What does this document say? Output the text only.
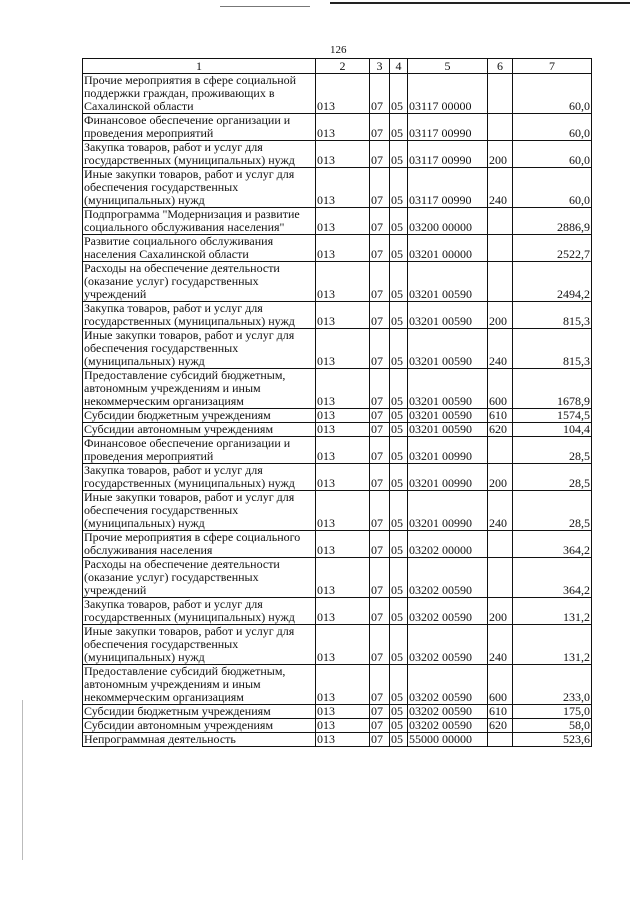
126
1	2	3	4	5	6	7
Прочие мероприятия в сфере социальной поддержки граждан, проживающих в Сахалинской области	013	07	05	03117 00000		60,0
Финансовое обеспечение организации и проведения мероприятий	013	07	05	03117 00990		60,0
Закупка товаров, работ и услуг для государственных (муниципальных) нужд	013	07	05	03117 00990	200	60,0
Иные закупки товаров, работ и услуг для обеспечения государственных (муниципальных) нужд	013	07	05	03117 00990	240	60,0
Подпрограмма "Модернизация и развитие социального обслуживания населения"	013	07	05	03200 00000		2886,9
Развитие социального обслуживания населения Сахалинской области	013	07	05	03201 00000		2522,7
Расходы на обеспечение деятельности (оказание услуг) государственных учреждений	013	07	05	03201 00590		2494,2
Закупка товаров, работ и услуг для государственных (муниципальных) нужд	013	07	05	03201 00590	200	815,3
Иные закупки товаров, работ и услуг для обеспечения государственных (муниципальных) нужд	013	07	05	03201 00590	240	815,3
Предоставление субсидий бюджетным, автономным учреждениям и иным некоммерческим организациям	013	07	05	03201 00590	600	1678,9
Субсидии бюджетным учреждениям	013	07	05	03201 00590	610	1574,5
Субсидии автономным учреждениям	013	07	05	03201 00590	620	104,4
Финансовое обеспечение организации и проведения мероприятий	013	07	05	03201 00990		28,5
Закупка товаров, работ и услуг для государственных (муниципальных) нужд	013	07	05	03201 00990	200	28,5
Иные закупки товаров, работ и услуг для обеспечения государственных (муниципальных) нужд	013	07	05	03201 00990	240	28,5
Прочие мероприятия в сфере социального обслуживания населения	013	07	05	03202 00000		364,2
Расходы на обеспечение деятельности (оказание услуг) государственных учреждений	013	07	05	03202 00590		364,2
Закупка товаров, работ и услуг для государственных (муниципальных) нужд	013	07	05	03202 00590	200	131,2
Иные закупки товаров, работ и услуг для обеспечения государственных (муниципальных) нужд	013	07	05	03202 00590	240	131,2
Предоставление субсидий бюджетным, автономным учреждениям и иным некоммерческим организациям	013	07	05	03202 00590	600	233,0
Субсидии бюджетным учреждениям	013	07	05	03202 00590	610	175,0
Субсидии автономным учреждениям	013	07	05	03202 00590	620	58,0
Непрограммная деятельность	013	07	05	55000 00000		523,6
